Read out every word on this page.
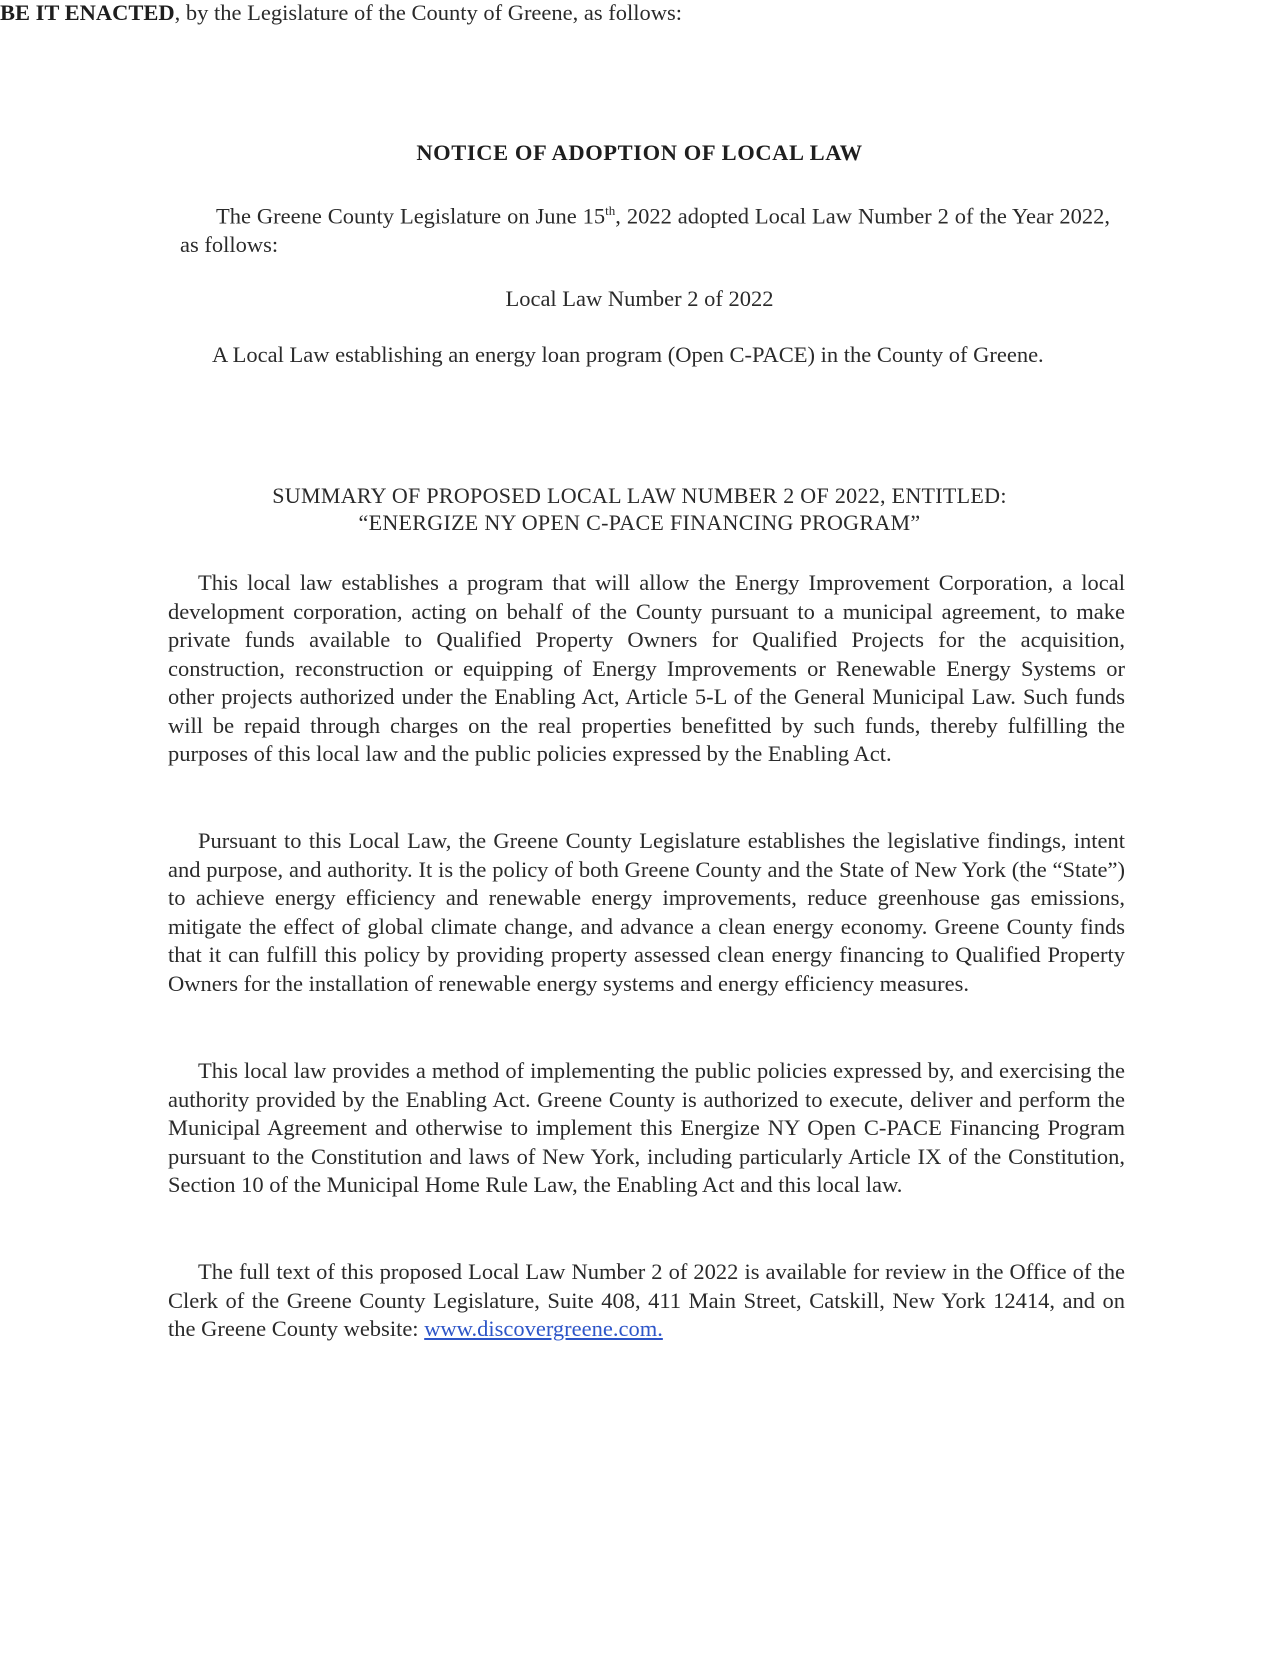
NOTICE OF ADOPTION OF LOCAL LAW
The Greene County Legislature on June 15th, 2022 adopted Local Law Number 2 of the Year 2022, as follows:
Local Law Number 2 of 2022
A Local Law establishing an energy loan program (Open C-PACE) in the County of Greene.
BE IT ENACTED, by the Legislature of the County of Greene, as follows:
SUMMARY OF PROPOSED LOCAL LAW NUMBER 2 OF 2022, ENTITLED:
“ENERGIZE NY OPEN C-PACE FINANCING PROGRAM”
This local law establishes a program that will allow the Energy Improvement Corporation, a local development corporation, acting on behalf of the County pursuant to a municipal agreement, to make private funds available to Qualified Property Owners for Qualified Projects for the acquisition, construction, reconstruction or equipping of Energy Improvements or Renewable Energy Systems or other projects authorized under the Enabling Act, Article 5-L of the General Municipal Law. Such funds will be repaid through charges on the real properties benefitted by such funds, thereby fulfilling the purposes of this local law and the public policies expressed by the Enabling Act.
Pursuant to this Local Law, the Greene County Legislature establishes the legislative findings, intent and purpose, and authority. It is the policy of both Greene County and the State of New York (the “State”) to achieve energy efficiency and renewable energy improvements, reduce greenhouse gas emissions, mitigate the effect of global climate change, and advance a clean energy economy. Greene County finds that it can fulfill this policy by providing property assessed clean energy financing to Qualified Property Owners for the installation of renewable energy systems and energy efficiency measures.
This local law provides a method of implementing the public policies expressed by, and exercising the authority provided by the Enabling Act. Greene County is authorized to execute, deliver and perform the Municipal Agreement and otherwise to implement this Energize NY Open C-PACE Financing Program pursuant to the Constitution and laws of New York, including particularly Article IX of the Constitution, Section 10 of the Municipal Home Rule Law, the Enabling Act and this local law.
The full text of this proposed Local Law Number 2 of 2022 is available for review in the Office of the Clerk of the Greene County Legislature, Suite 408, 411 Main Street, Catskill, New York 12414, and on the Greene County website: www.discovergreene.com.
